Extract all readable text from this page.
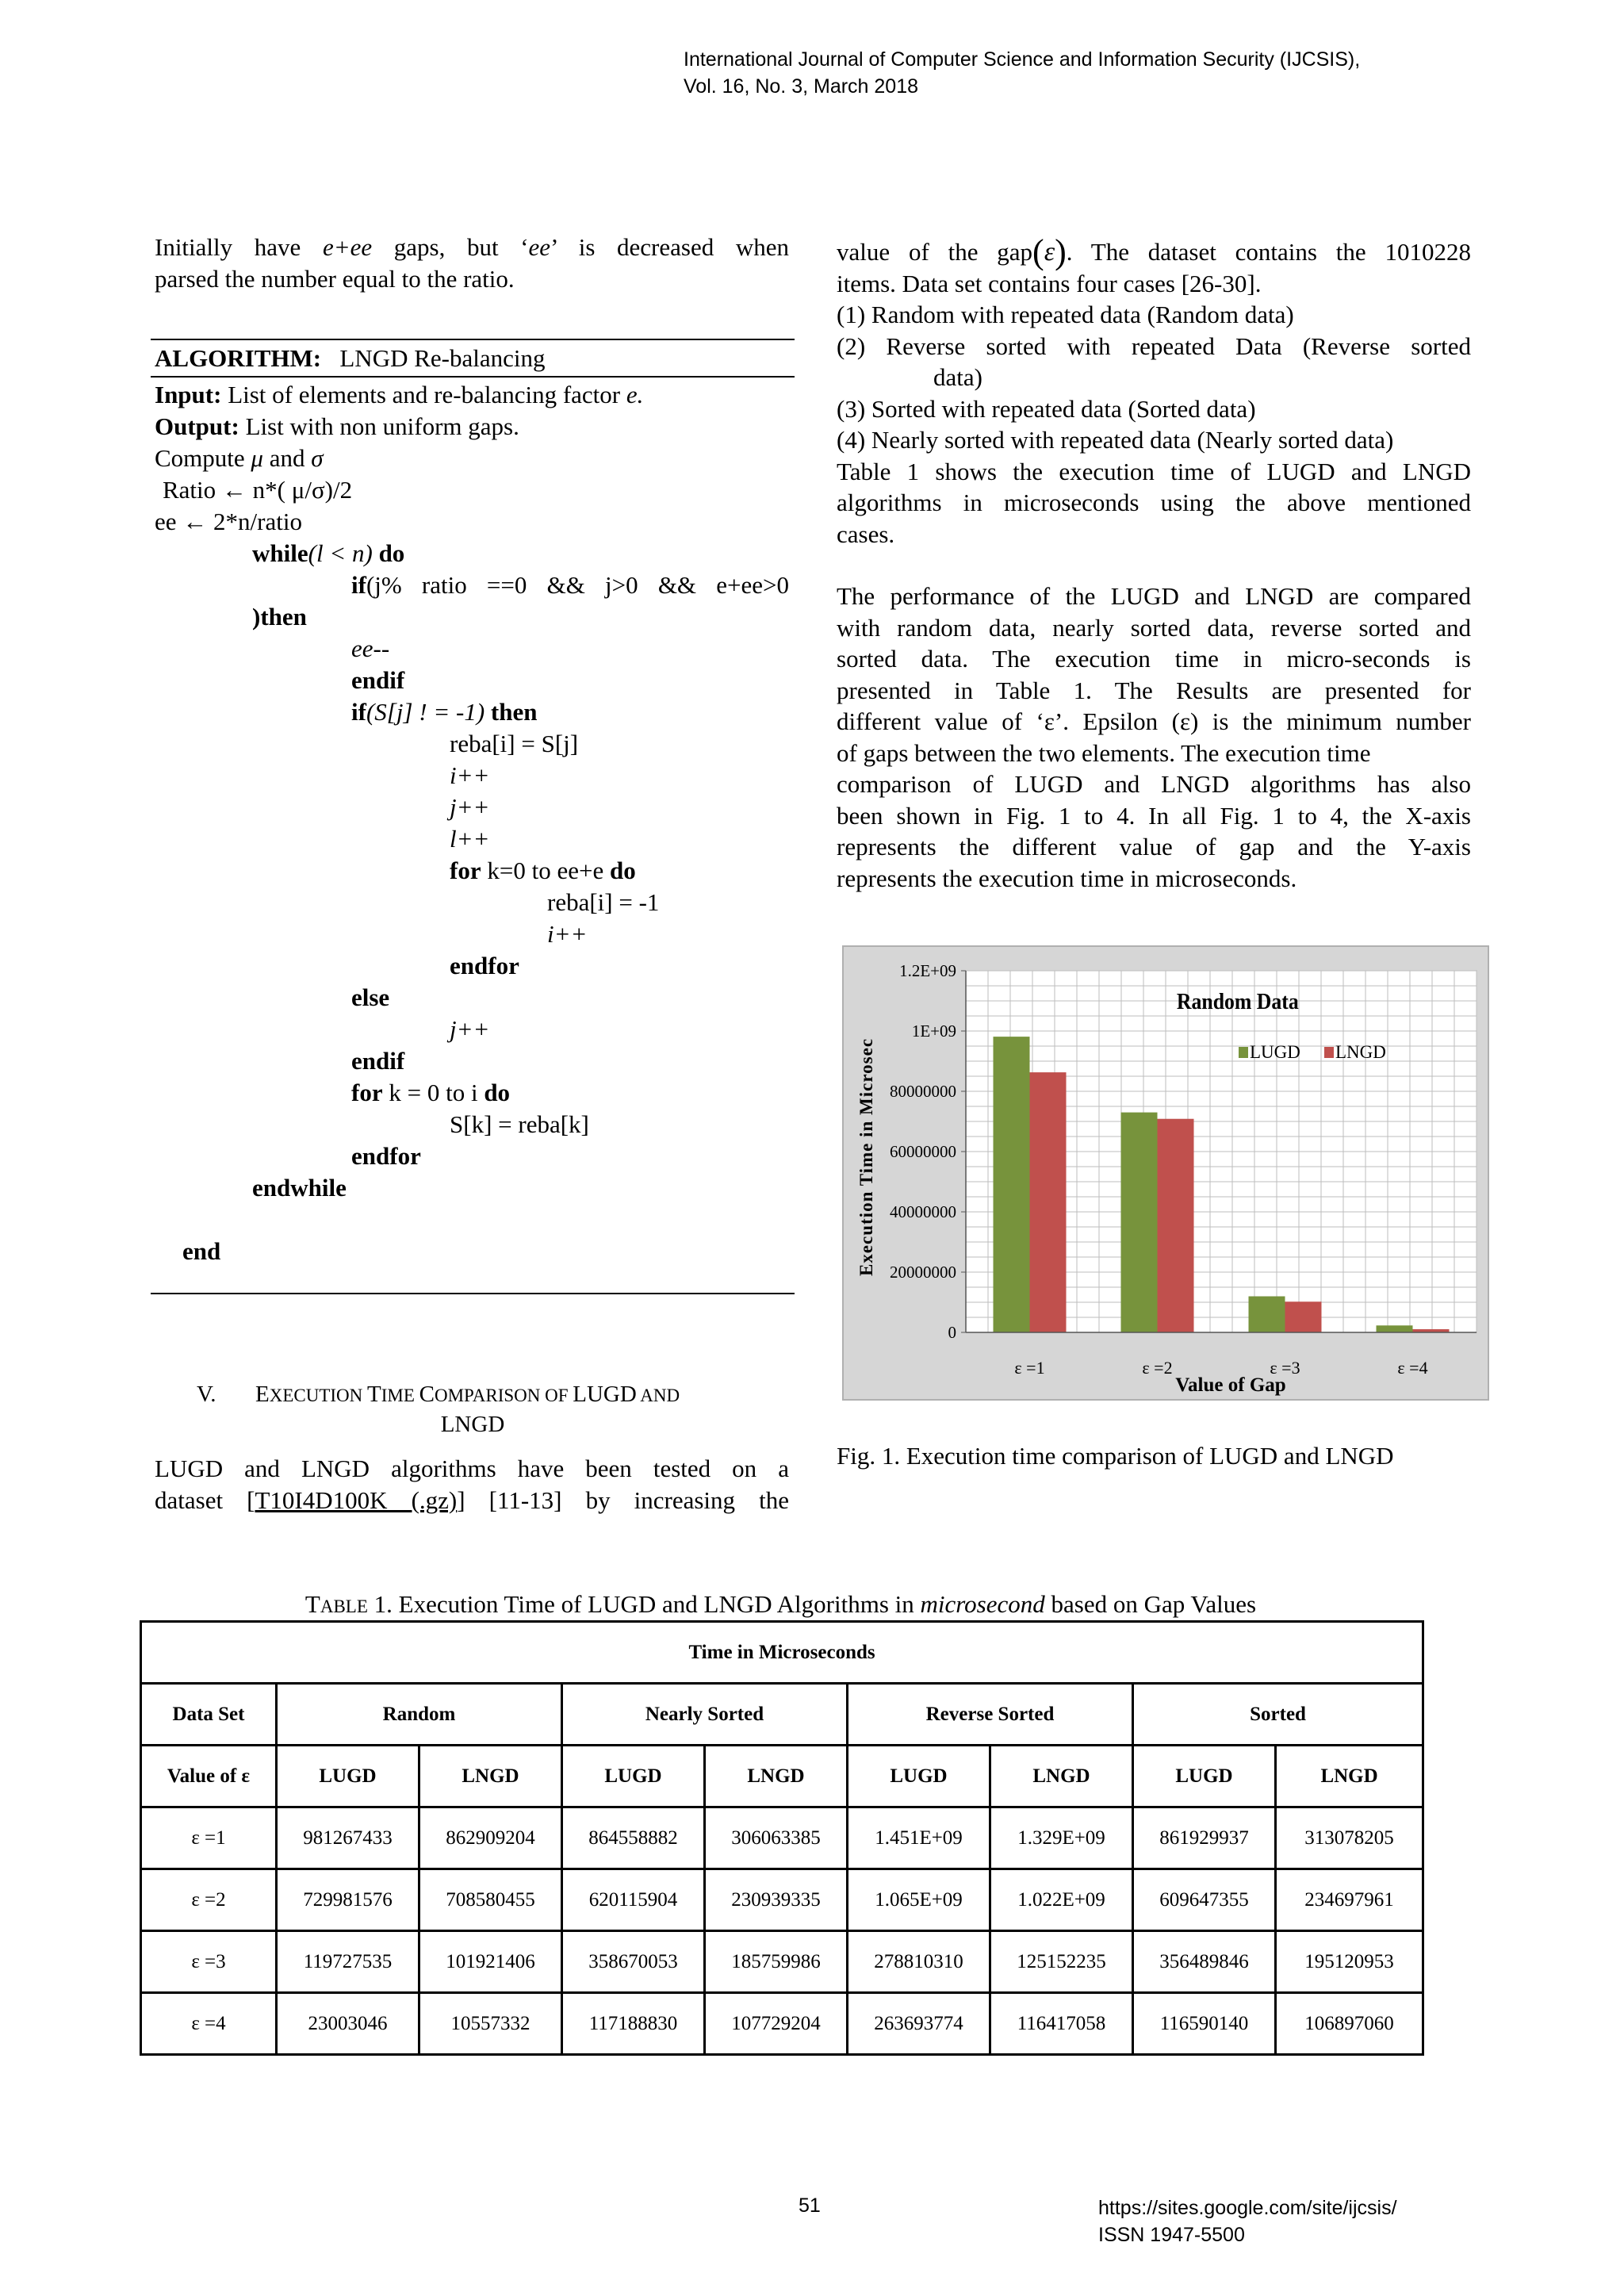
International Journal of Computer Science and Information Security (IJCSIS),
Vol. 16, No. 3, March 2018
Initially have e+ee gaps, but ‘ee’ is decreased when
parsed the number equal to the ratio.
ALGORITHM: LNGD Re-balancing
Input: List of elements and re-balancing factor e.
Output: List with non uniform gaps.
Compute μ and σ
Ratio ← n*( μ/σ)/2
ee ← 2*n/ratio
while(l < n) do
if(j% ratio ==0 && j>0 && e+ee>0
)then
ee--
endif
if(S[j] ! = -1) then
reba[i] = S[j]
i++
j++
l++
for k=0 to ee+e do
reba[i] = -1
i++
endfor
else
j++
endif
for k = 0 to i do
S[k] = reba[k]
endfor
endwhile
end
V. EXECUTION TIME COMPARISON OF LUGD AND
LNGD
LUGD and LNGD algorithms have been tested on a
dataset [T10I4D100K (.gz)] [11-13] by increasing the
value of the gap(ε). The dataset contains the 1010228
items. Data set contains four cases [26-30].
(1) Random with repeated data (Random data)
(2) Reverse sorted with repeated Data (Reverse sorted
data)
(3) Sorted with repeated data (Sorted data)
(4) Nearly sorted with repeated data (Nearly sorted data)
Table 1 shows the execution time of LUGD and LNGD
algorithms in microseconds using the above mentioned
cases.
The performance of the LUGD and LNGD are compared
with random data, nearly sorted data, reverse sorted and
sorted data. The execution time in micro-seconds is
presented in Table 1. The Results are presented for
different value of ‘ε’. Epsilon (ε) is the minimum number
of gaps between the two elements. The execution time
comparison of LUGD and LNGD algorithms has also
been shown in Fig. 1 to 4. In all Fig. 1 to 4, the X-axis
represents the different value of gap and the Y-axis
represents the execution time in microseconds.
0
20000000
40000000
60000000
80000000
1E+09
1.2E+09
ε =1	ε =2	ε =3	ε =4
Random Data
LUGD LNGD
Value of Gap
Execution Time in Microsec
Fig. 1. Execution time comparison of LUGD and LNGD
TABLE 1. Execution Time of LUGD and LNGD Algorithms in microsecond based on Gap Values
Time in Microseconds								
Data Set	Random		Nearly Sorted		Reverse Sorted		Sorted	
Value of ε	LUGD	LNGD	LUGD	LNGD	LUGD	LNGD	LUGD	LNGD
ε =1	981267433	862909204	864558882	306063385	1.451E+09	1.329E+09	861929937	313078205
ε =2	729981576	708580455	620115904	230939335	1.065E+09	1.022E+09	609647355	234697961
ε =3	119727535	101921406	358670053	185759986	278810310	125152235	356489846	195120953
ε =4	23003046	10557332	117188830	107729204	263693774	116417058	116590140	106897060
51	https://sites.google.com/site/ijcsis/
ISSN 1947-5500
